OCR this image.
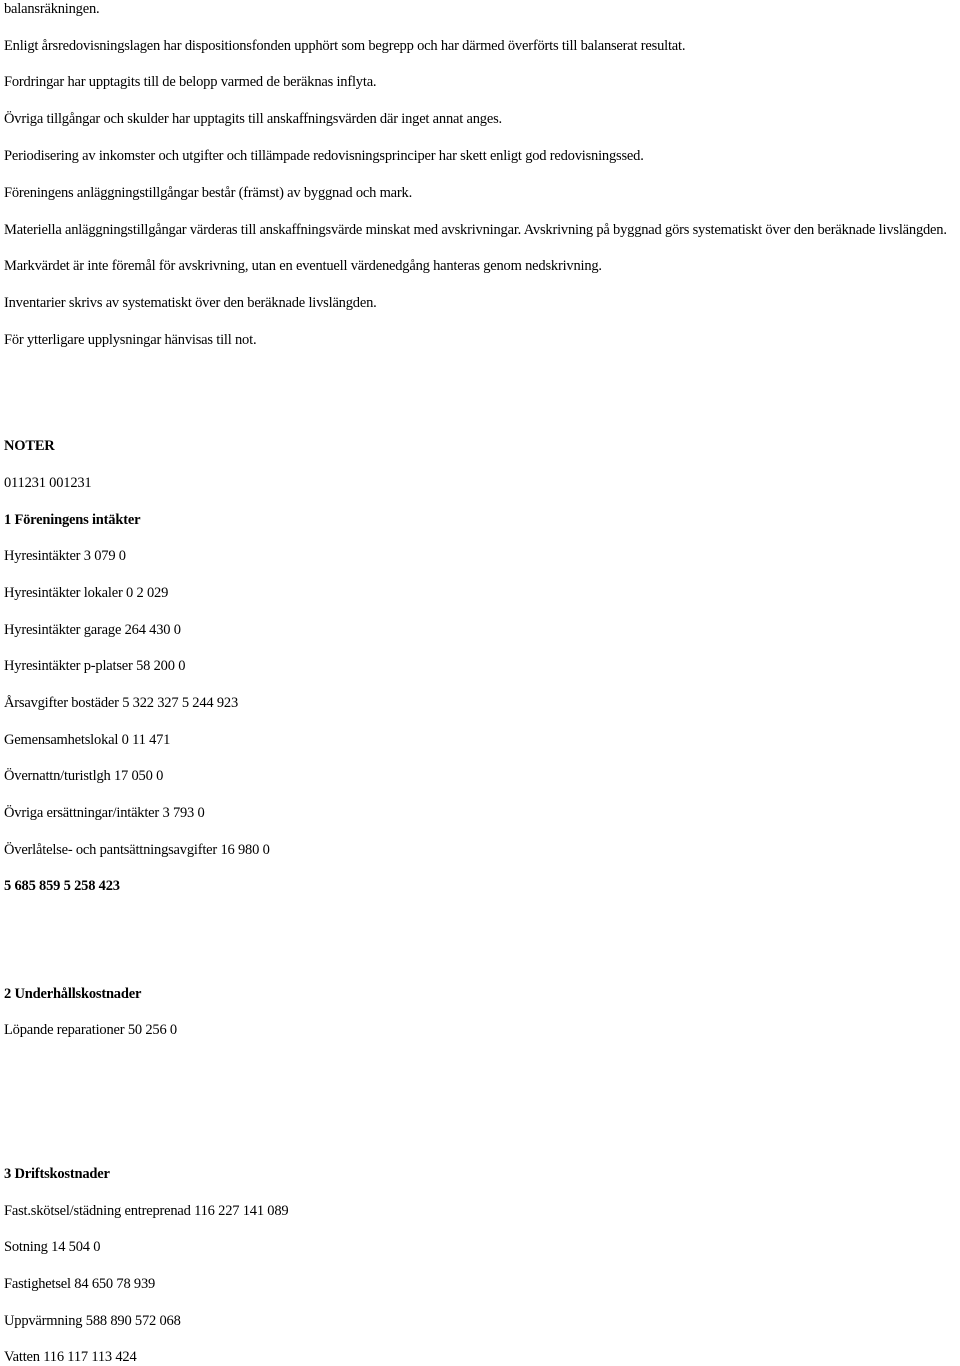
balansräkningen.
Enligt årsredovisningslagen har dispositionsfonden upphört som begrepp och har därmed överförts till balanserat resultat.
Fordringar har upptagits till de belopp varmed de beräknas inflyta.
Övriga tillgångar och skulder har upptagits till anskaffningsvärden där inget annat anges.
Periodisering av inkomster och utgifter och tillämpade redovisningsprinciper har skett enligt god redovisningssed.
Föreningens anläggningstillgångar består (främst) av byggnad och mark.
Materiella anläggningstillgångar värderas till anskaffningsvärde minskat med avskrivningar. Avskrivning på byggnad görs systematiskt över den beräknade livslängden.
Markvärdet är inte föremål för avskrivning, utan en eventuell värdenedgång hanteras genom nedskrivning.
Inventarier skrivs av systematiskt över den beräknade livslängden.
För ytterligare upplysningar hänvisas till not.
NOTER
011231 001231
1 Föreningens intäkter
Hyresintäkter 3 079 0
Hyresintäkter lokaler 0 2 029
Hyresintäkter garage 264 430 0
Hyresintäkter p-platser 58 200 0
Årsavgifter bostäder 5 322 327 5 244 923
Gemensamhetslokal 0 11 471
Övernattn/turistlgh 17 050 0
Övriga ersättningar/intäkter 3 793 0
Överlåtelse- och pantsättningsavgifter 16 980 0
5 685 859 5 258 423
2 Underhållskostnader
Löpande reparationer 50 256 0
3 Driftskostnader
Fast.skötsel/städning entreprenad 116 227 141 089
Sotning 14 504 0
Fastighetsel 84 650 78 939
Uppvärmning 588 890 572 068
Vatten 116 117 113 424
